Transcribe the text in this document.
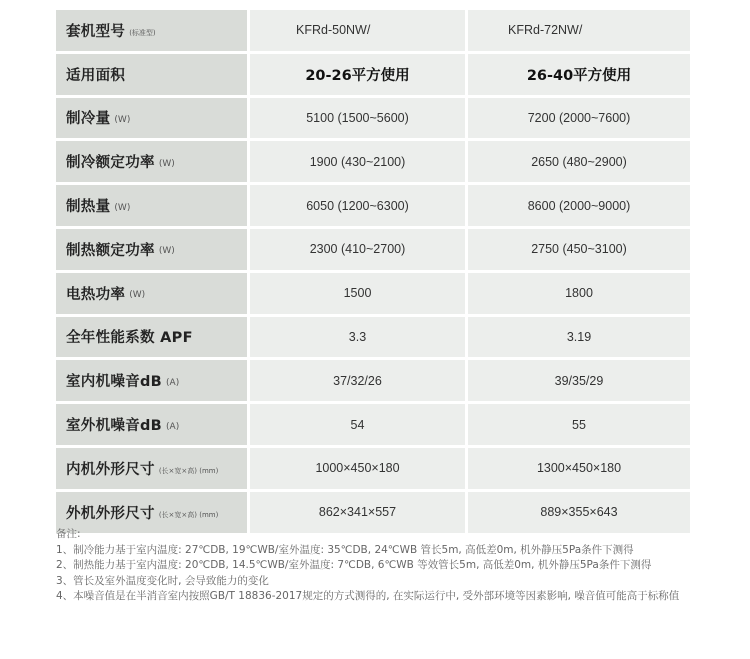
套机型号 (标准型)	KFRd-50NW/	KFRd-72NW/
适用面积	20-26平方使用	26-40平方使用
制冷量 (W)	5100 (1500~5600)	7200 (2000~7600)
制冷额定功率 (W)	1900 (430~2100)	2650 (480~2900)
制热量 (W)	6050 (1200~6300)	8600 (2000~9000)
制热额定功率 (W)	2300 (410~2700)	2750 (450~3100)
电热功率 (W)	1500	1800
全年性能系数 APF	3.3	3.19
室内机噪音dB (A)	37/32/26	39/35/29
室外机噪音dB (A)	54	55
内机外形尺寸 (长×宽×高) (mm)	1000×450×180	1300×450×180
外机外形尺寸 (长×宽×高) (mm)	862×341×557	889×355×643
备注:
1、制冷能力基于室内温度: 27℃DB, 19℃WB/室外温度: 35℃DB, 24℃WB 管长5m, 高低差0m, 机外静压5Pa条件下测得
2、制热能力基于室内温度: 20℃DB, 14.5℃WB/室外温度: 7℃DB, 6℃WB 等效管长5m, 高低差0m, 机外静压5Pa条件下测得
3、管长及室外温度变化时, 会导致能力的变化
4、本噪音值是在半消音室内按照GB/T 18836-2017规定的方式测得的, 在实际运行中, 受外部环境等因素影响, 噪音值可能高于标称值
